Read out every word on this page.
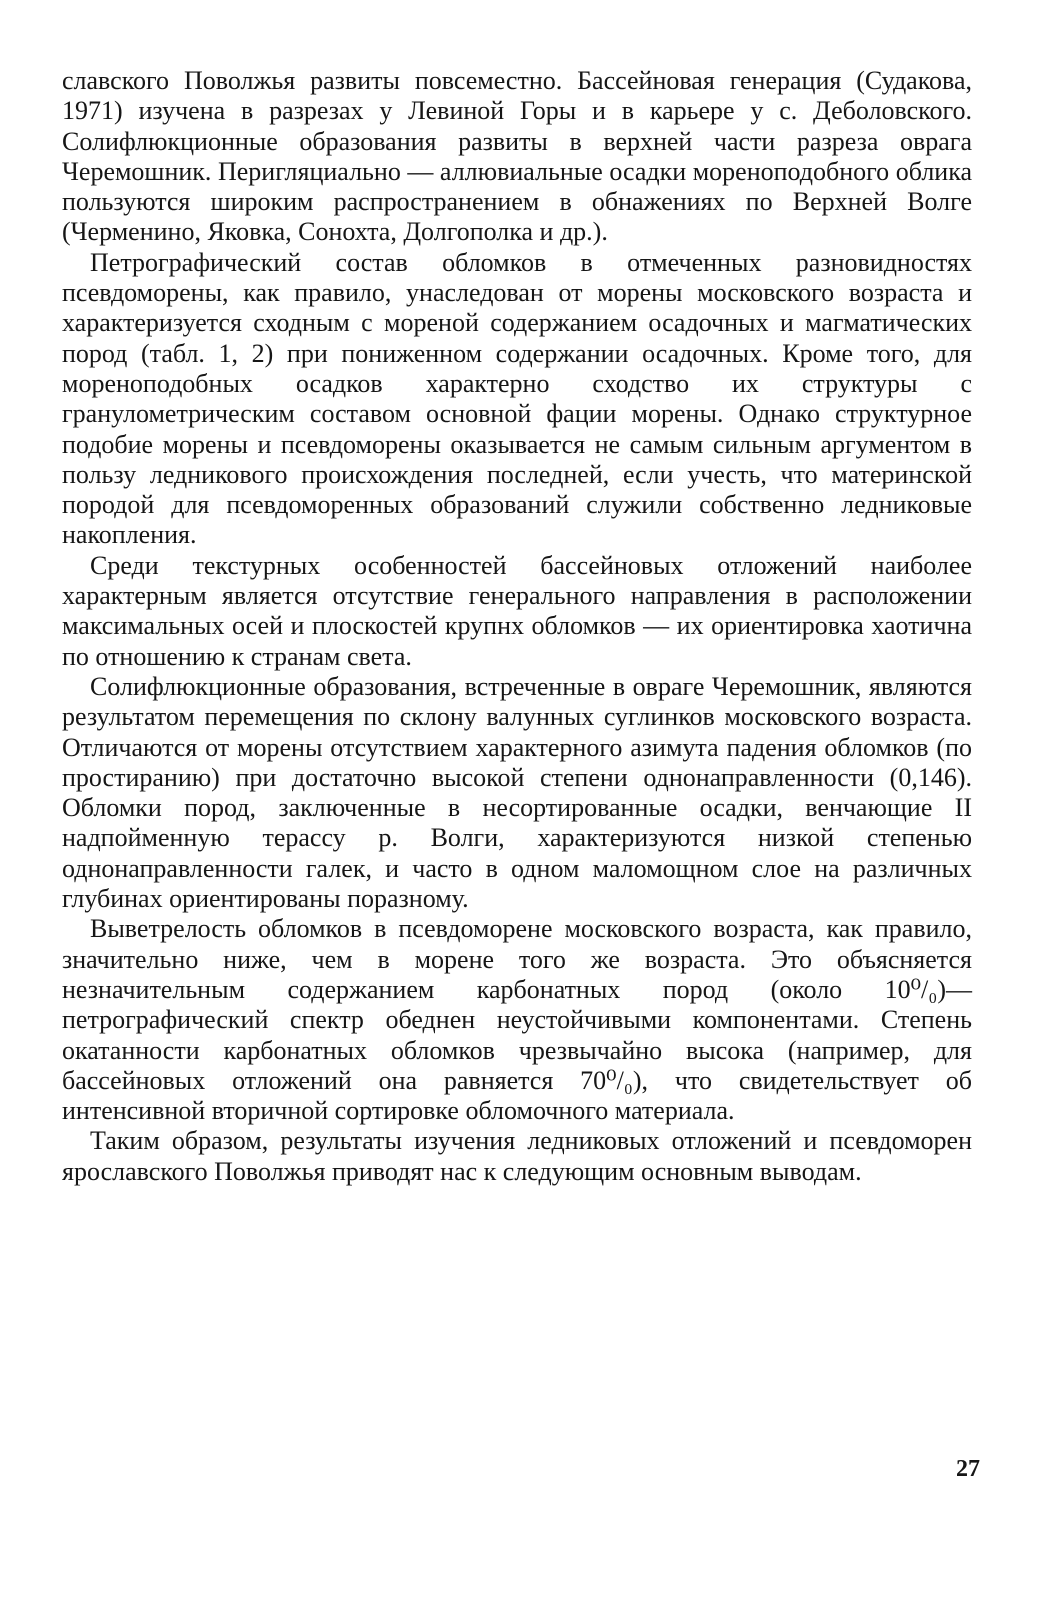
славского Поволжья развиты повсеместно. Бассейновая генерация (Судакова, 1971) изучена в разрезах у Левиной Горы и в карьере у с. Деболовского. Солифлюкционные образования развиты в верхней части разреза оврага Черемошник. Перигляциально — аллювиальные осадки мореноподобного облика пользуются широким распространением в обнажениях по Верхней Волге (Черменино, Яковка, Сонохта, Долгополка и др.).

Петрографический состав обломков в отмеченных разновидностях псевдоморены, как правило, унаследован от морены московского возраста и характеризуется сходным с мореной содержанием осадочных и магматических пород (табл. 1, 2) при пониженном содержании осадочных. Кроме того, для мореноподобных осадков характерно сходство их структуры с гранулометрическим составом основной фации морены. Однако структурное подобие морены и псевдоморены оказывается не самым сильным аргументом в пользу ледникового происхождения последней, если учесть, что материнской породой для псевдоморенных образований служили собственно ледниковые накопления.

Среди текстурных особенностей бассейновых отложений наиболее характерным является отсутствие генерального направления в расположении максимальных осей и плоскостей крупнх обломков — их ориентировка хаотична по отношению к странам света.

Солифлюкционные образования, встреченные в овраге Черемошник, являются результатом перемещения по склону валунных суглинков московского возраста. Отличаются от морены отсутствием характерного азимута падения обломков (по простиранию) при достаточно высокой степени однонаправленности (0,146). Обломки пород, заключенные в несортированные осадки, венчающие II надпойменную терассу р. Волги, характеризуются низкой степенью однонаправленности галек, и часто в одном маломощном слое на различных глубинах ориентированы поразному.

Выветрелость обломков в псевдоморене московского возраста, как правило, значительно ниже, чем в морене того же возраста. Это объясняется незначительным содержанием карбонатных пород (около 10⁰/₀)—петрографический спектр обеднен неустойчивыми компонентами. Степень окатанности карбонатных обломков чрезвычайно высока (например, для бассейновых отложений она равняется 70⁰/₀), что свидетельствует об интенсивной вторичной сортировке обломочного материала.

Таким образом, результаты изучения ледниковых отложений и псевдоморен ярославского Поволжья приводят нас к следующим основным выводам.

27
